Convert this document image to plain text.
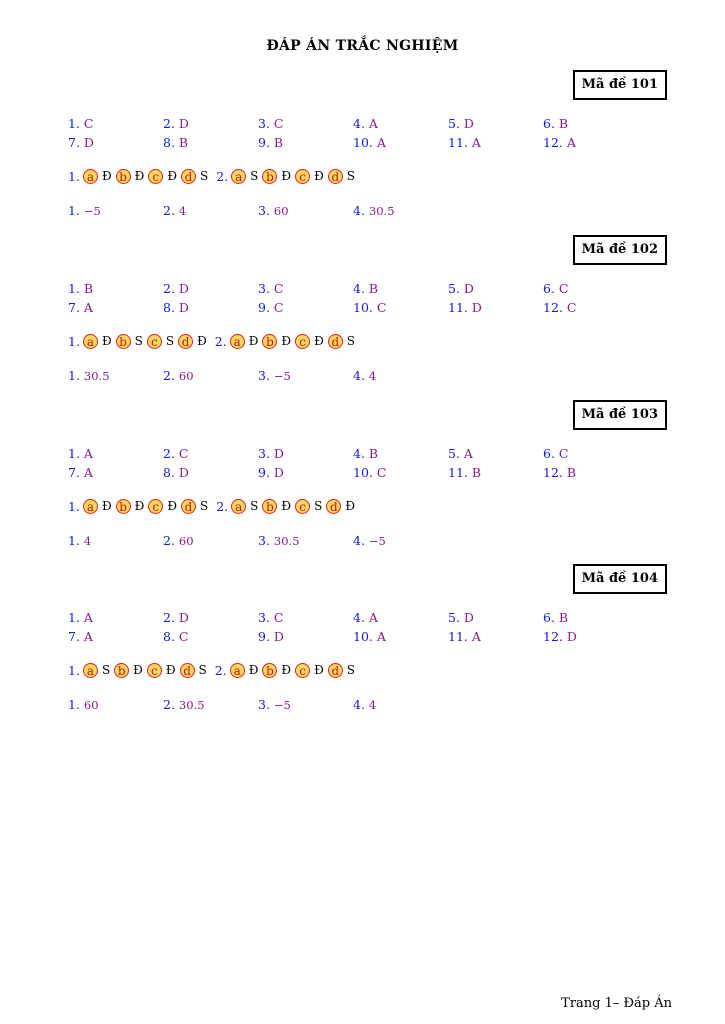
ĐÁP ÁN TRẮC NGHIỆM
Mã đề 101
1. C	2. D	3. C	4. A	5. D	6. B
7. D	8. B	9. B	10. A	11. A	12. A
1. a Đ b Đ c Đ d S 2. a S b Đ c Đ d S
1. −5	2. 4	3. 60	4. 30.5
Mã đề 102
1. B	2. D	3. C	4. B	5. D	6. C
7. A	8. D	9. C	10. C	11. D	12. C
1. a Đ b S c S d Đ 2. a Đ b Đ c Đ d S
1. 30.5	2. 60	3. −5	4. 4
Mã đề 103
1. A	2. C	3. D	4. B	5. A	6. C
7. A	8. D	9. D	10. C	11. B	12. B
1. a Đ b Đ c Đ d S 2. a S b Đ c S d Đ
1. 4	2. 60	3. 30.5	4. −5
Mã đề 104
1. A	2. D	3. C	4. A	5. D	6. B
7. A	8. C	9. D	10. A	11. A	12. D
1. a S b Đ c Đ d S 2. a Đ b Đ c Đ d S
1. 60	2. 30.5	3. −5	4. 4
Trang 1– Đáp Án
